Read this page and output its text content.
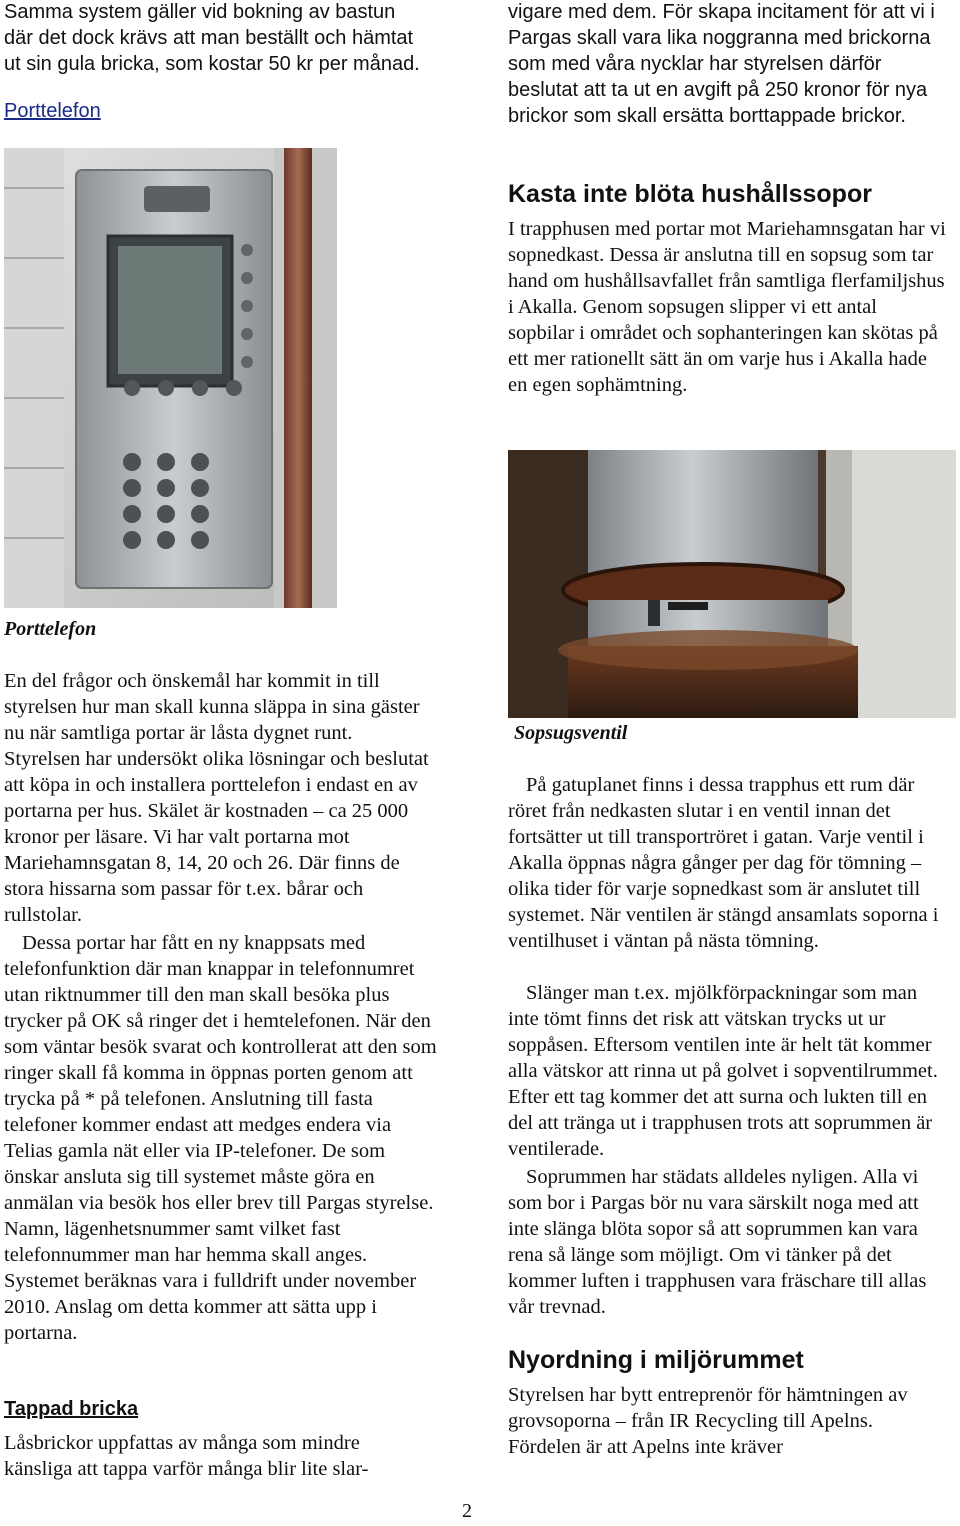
Samma system gäller vid bokning av bastun där det dock krävs att man beställt och hämtat ut sin gula bricka, som kostar 50 kr per månad.

Porttelefon

Porttelefon

En del frågor och önskemål har kommit in till styrelsen hur man skall kunna släppa in sina gäster nu när samtliga portar är låsta dygnet runt. Styrelsen har undersökt olika lösningar och beslutat att köpa in och installera porttelefon i endast en av portarna per hus. Skälet är kostnaden – ca 25 000 kronor per läsare. Vi har valt portarna mot Mariehamnsgatan 8, 14, 20 och 26. Där finns de stora hissarna som passar för t.ex. bårar och rullstolar.

Dessa portar har fått en ny knappsats med telefonfunktion där man knappar in telefonnumret utan riktnummer till den man skall besöka plus trycker på OK så ringer det i hemtelefonen. När den som väntar besök svarat och kontrollerat att den som ringer skall få komma in öppnas porten genom att trycka på * på telefonen. Anslutning till fasta telefoner kommer endast att medges endera via Telias gamla nät eller via IP-telefoner. De som önskar ansluta sig till systemet måste göra en anmälan via besök hos eller brev till Pargas styrelse. Namn, lägenhetsnummer samt vilket fast telefonnummer man har hemma skall anges. Systemet beräknas vara i fulldrift under november 2010. Anslag om detta kommer att sätta upp i portarna.

Tappad bricka

Låsbrickor uppfattas av många som mindre känsliga att tappa varför många blir lite slar-

vigare med dem. För skapa incitament för att vi i Pargas skall vara lika noggranna med brickorna som med våra nycklar har styrelsen därför beslutat att ta ut en avgift på 250 kronor för nya brickor som skall ersätta borttappade brickor.

Kasta inte blöta hushållssopor

I trapphusen med portar mot Mariehamnsgatan har vi sopnedkast. Dessa är anslutna till en sopsug som tar hand om hushållsavfallet från samtliga flerfamiljshus i Akalla. Genom sopsugen slipper vi ett antal sopbilar i området och sophanteringen kan skötas på ett mer rationellt sätt än om varje hus i Akalla hade en egen sophämtning.

Sopsugsventil

På gatuplanet finns i dessa trapphus ett rum där röret från nedkasten slutar i en ventil innan det fortsätter ut till transportröret i gatan. Varje ventil i Akalla öppnas några gånger per dag för tömning – olika tider för varje sopnedkast som är anslutet till systemet. När ventilen är stängd ansamlats soporna i ventilhuset i väntan på nästa tömning.

Slänger man t.ex. mjölkförpackningar som man inte tömt finns det risk att vätskan trycks ut ur soppåsen. Eftersom ventilen inte är helt tät kommer alla vätskor att rinna ut på golvet i sopventilrummet. Efter ett tag kommer det att surna och lukten till en del att tränga ut i trapphusen trots att soprummen är ventilerade.

Soprummen har städats alldeles nyligen. Alla vi som bor i Pargas bör nu vara särskilt noga med att inte slänga blöta sopor så att soprummen kan vara rena så länge som möjligt. Om vi tänker på det kommer luften i trapphusen vara fräschare till allas vår trevnad.

Nyordning i miljörummet

Styrelsen har bytt entreprenör för hämtningen av grovsoporna – från IR Recycling till Apelns. Fördelen är att Apelns inte kräver

2
